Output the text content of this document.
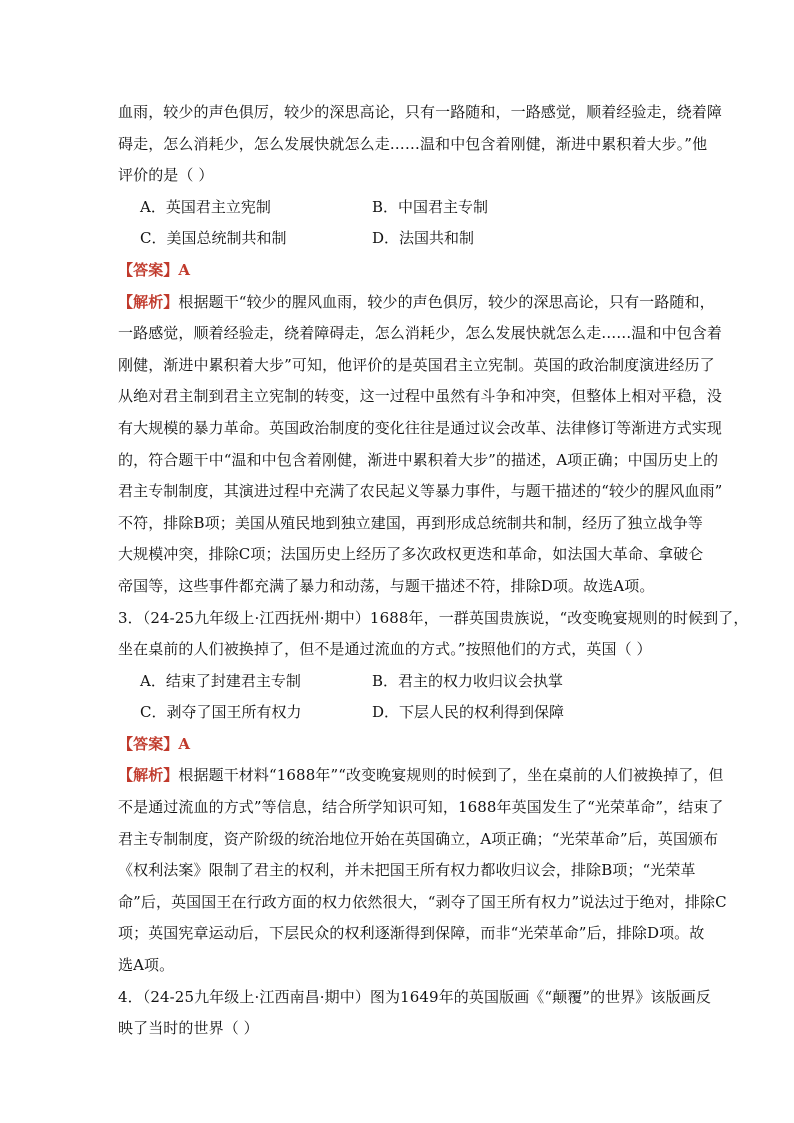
血雨，较少的声色俱厉，较少的深思高论，只有一路随和，一路感觉，顺着经验走，绕着障
碍走，怎么消耗少，怎么发展快就怎么走……温和中包含着刚健，渐进中累积着大步。”他
评价的是（ ）
A．英国君主立宪制	B．中国君主专制
C．美国总统制共和制	D．法国共和制
【答案】A
【解析】根据题干“较少的腥风血雨，较少的声色俱厉，较少的深思高论，只有一路随和，
一路感觉，顺着经验走，绕着障碍走，怎么消耗少，怎么发展快就怎么走……温和中包含着
刚健，渐进中累积着大步”可知，他评价的是英国君主立宪制。英国的政治制度演进经历了
从绝对君主制到君主立宪制的转变，这一过程中虽然有斗争和冲突，但整体上相对平稳，没
有大规模的暴力革命。英国政治制度的变化往往是通过议会改革、法律修订等渐进方式实现
的，符合题干中“温和中包含着刚健，渐进中累积着大步”的描述，A项正确；中国历史上的
君主专制制度，其演进过程中充满了农民起义等暴力事件，与题干描述的“较少的腥风血雨”
不符，排除B项；美国从殖民地到独立建国，再到形成总统制共和制，经历了独立战争等
大规模冲突，排除C项；法国历史上经历了多次政权更迭和革命，如法国大革命、拿破仑
帝国等，这些事件都充满了暴力和动荡，与题干描述不符，排除D项。故选A项。
3．（24-25九年级上·江西抚州·期中）1688年，一群英国贵族说，“改变晚宴规则的时候到了，
坐在桌前的人们被换掉了，但不是通过流血的方式。”按照他们的方式，英国（ ）
A．结束了封建君主专制	B．君主的权力收归议会执掌
C．剥夺了国王所有权力	D．下层人民的权利得到保障
【答案】A
【解析】根据题干材料“1688年”“改变晚宴规则的时候到了，坐在桌前的人们被换掉了，但
不是通过流血的方式”等信息，结合所学知识可知，1688年英国发生了“光荣革命”，结束了
君主专制制度，资产阶级的统治地位开始在英国确立，A项正确；“光荣革命”后，英国颁布
《权利法案》限制了君主的权利，并未把国王所有权力都收归议会，排除B项；“光荣革
命”后，英国国王在行政方面的权力依然很大，“剥夺了国王所有权力”说法过于绝对，排除C
项；英国宪章运动后，下层民众的权利逐渐得到保障，而非“光荣革命”后，排除D项。故
选A项。
4．（24-25九年级上·江西南昌·期中）图为1649年的英国版画《“颠覆”的世界》该版画反
映了当时的世界（ ）
